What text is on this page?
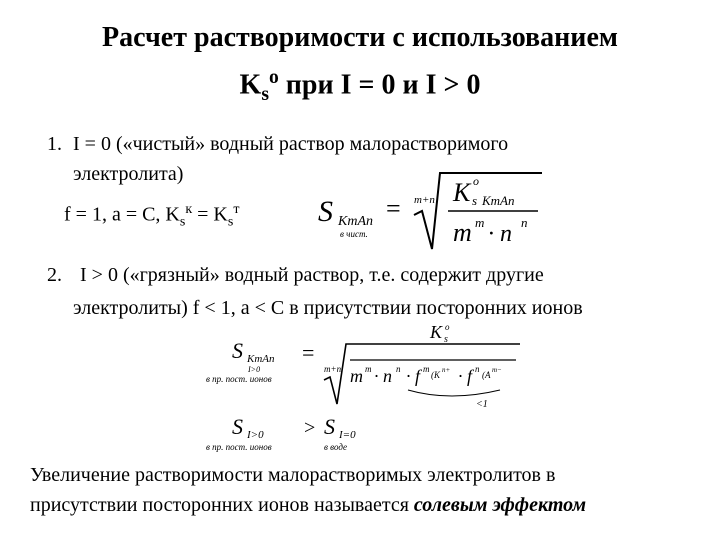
Расчет растворимости с использованием
$K_s^o$ при I = 0 и I > 0
1. I = 0 («чистый» водный раствор малорастворимого
электролита)
f = 1, a = C, $K_s^к = K_s^т$	S KmAn
в чист.
= m+n K s
o
KmAn
m m · n n
2. I > 0 («грязный» водный раствор, т.е. содержит другие
электролиты) f < 1, a < C в присутствии посторонних ионов
S KmAn
I>0
в пр. пост. ионов
=
m+n
K s
o
m m · n n · f m
(K n+ · f n
(A m−
<1
S I>0
в пр. пост. ионов
> S I=0
в воде
Увеличение растворимости малорастворимых электролитов в
присутствии посторонних ионов называется солевым эффектом
